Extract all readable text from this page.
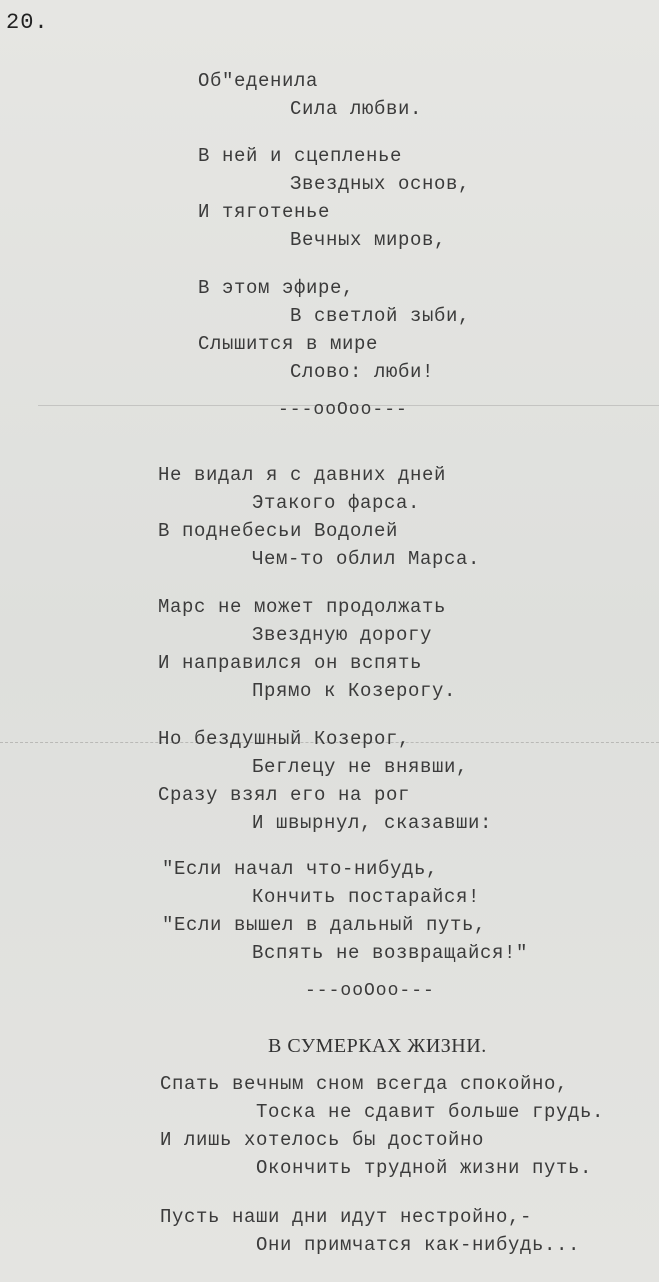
20.
Об"еденила
Сила любви.
В ней и сцепленье
Звездных основ,
И тяготенье
Вечных миров,
В этом эфире,
В светлой зыби,
Слышится в мире
Слово: люби!
---ooOoo---
Не видал я с давних дней
Этакого фарса.
В поднебесьи Водолей
Чем-то облил Марса.
Марс не может продолжать
Звездную дорогу
И направился он вспять
Прямо к Козерогу.
Но бездушный Козерог,
Беглецу не внявши,
Сразу взял его на рог
И швырнул, сказавши:
"Если начал что-нибудь,
Кончить постарайся!
"Если вышел в дальный путь,
Вспять не возвращайся!"
---ooOoo---
В СУМЕРКАХ ЖИЗНИ.
Спать вечным сном всегда спокойно,
Тоска не сдавит больше грудь.
И лишь хотелось бы достойно
Окончить трудной жизни путь.
Пусть наши дни идут нестройно,-
Они примчатся как-нибудь...
